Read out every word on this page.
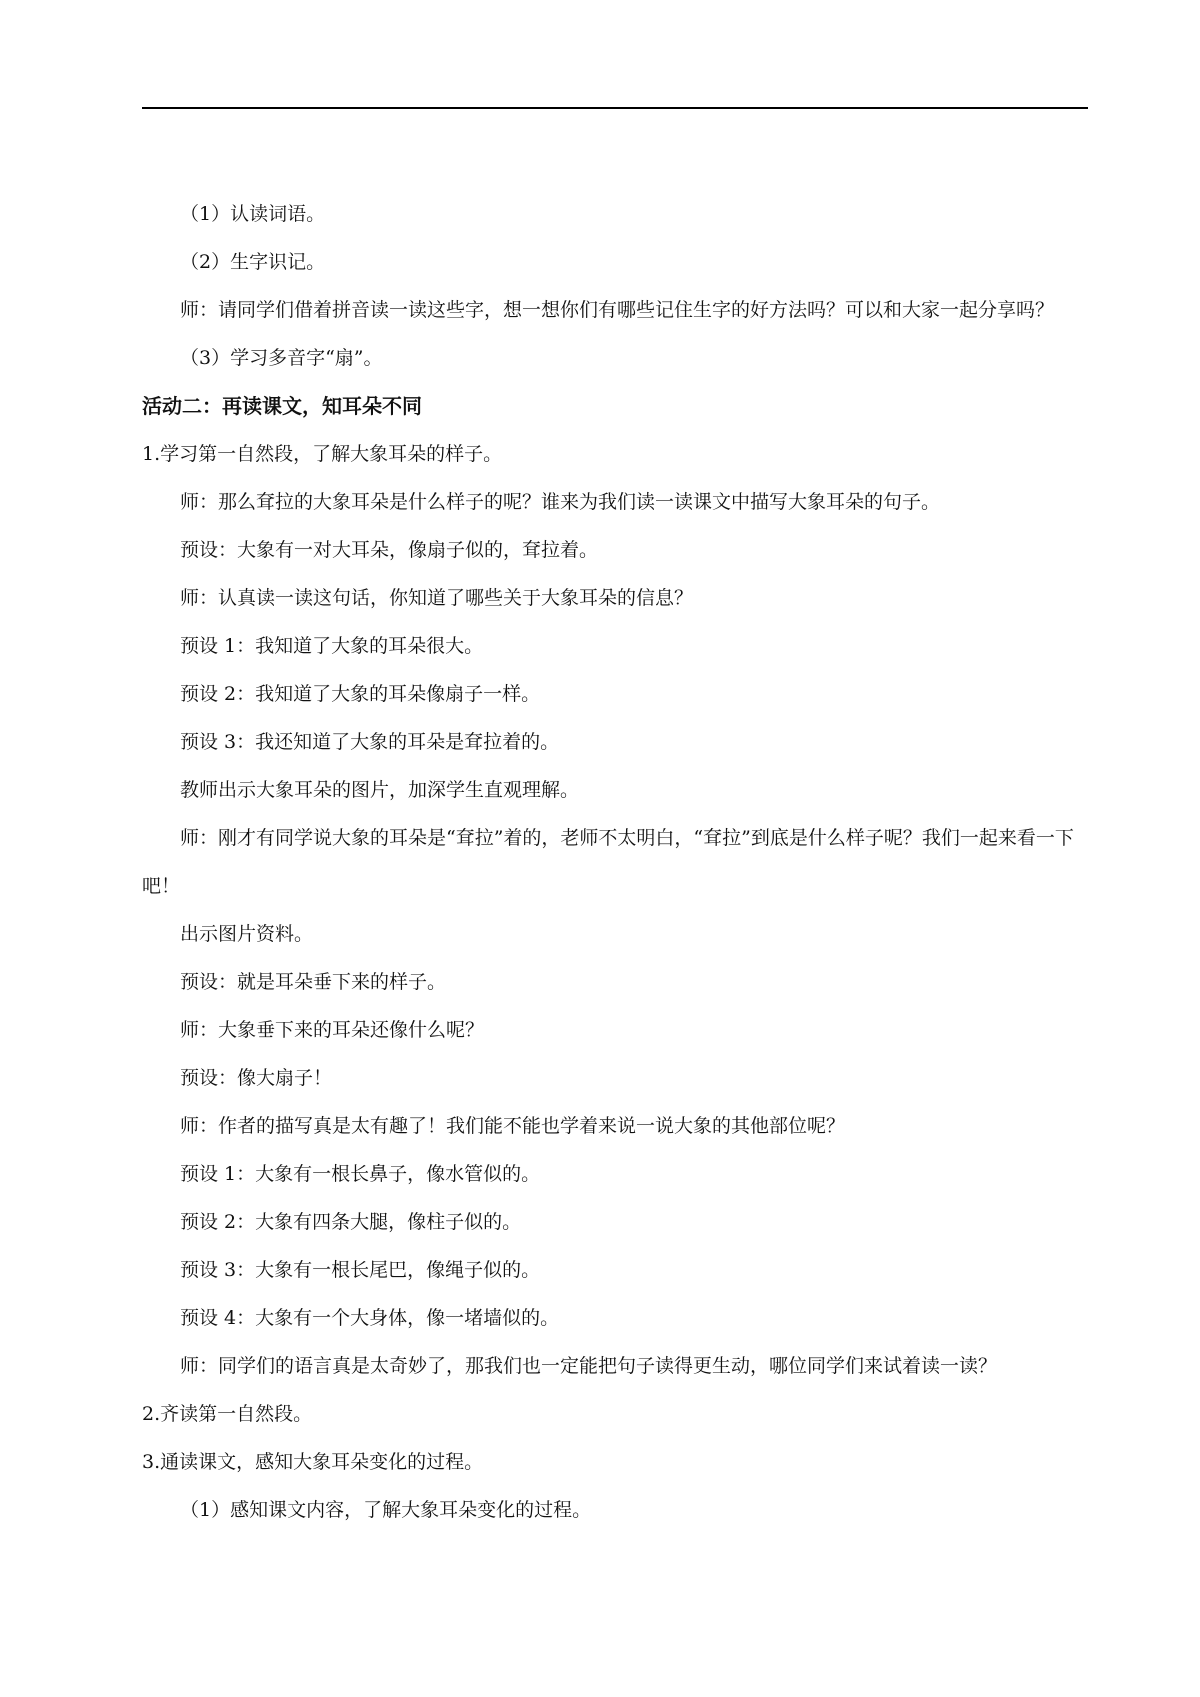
（1）认读词语。

（2）生字识记。

师：请同学们借着拼音读一读这些字，想一想你们有哪些记住生字的好方法吗？可以和大家一起分享吗？

（3）学习多音字“扇”。

活动二：再读课文，知耳朵不同

1.学习第一自然段，了解大象耳朵的样子。

师：那么耷拉的大象耳朵是什么样子的呢？谁来为我们读一读课文中描写大象耳朵的句子。

预设：大象有一对大耳朵，像扇子似的，耷拉着。

师：认真读一读这句话，你知道了哪些关于大象耳朵的信息？

预设 1：我知道了大象的耳朵很大。

预设 2：我知道了大象的耳朵像扇子一样。

预设 3：我还知道了大象的耳朵是耷拉着的。

教师出示大象耳朵的图片，加深学生直观理解。

师：刚才有同学说大象的耳朵是“耷拉”着的，老师不太明白，“耷拉”到底是什么样子呢？我们一起来看一下吧！

出示图片资料。

预设：就是耳朵垂下来的样子。

师：大象垂下来的耳朵还像什么呢？

预设：像大扇子！

师：作者的描写真是太有趣了！我们能不能也学着来说一说大象的其他部位呢？

预设 1：大象有一根长鼻子，像水管似的。

预设 2：大象有四条大腿，像柱子似的。

预设 3：大象有一根长尾巴，像绳子似的。

预设 4：大象有一个大身体，像一堵墙似的。

师：同学们的语言真是太奇妙了，那我们也一定能把句子读得更生动，哪位同学们来试着读一读？

2.齐读第一自然段。

3.通读课文，感知大象耳朵变化的过程。

（1）感知课文内容，了解大象耳朵变化的过程。
